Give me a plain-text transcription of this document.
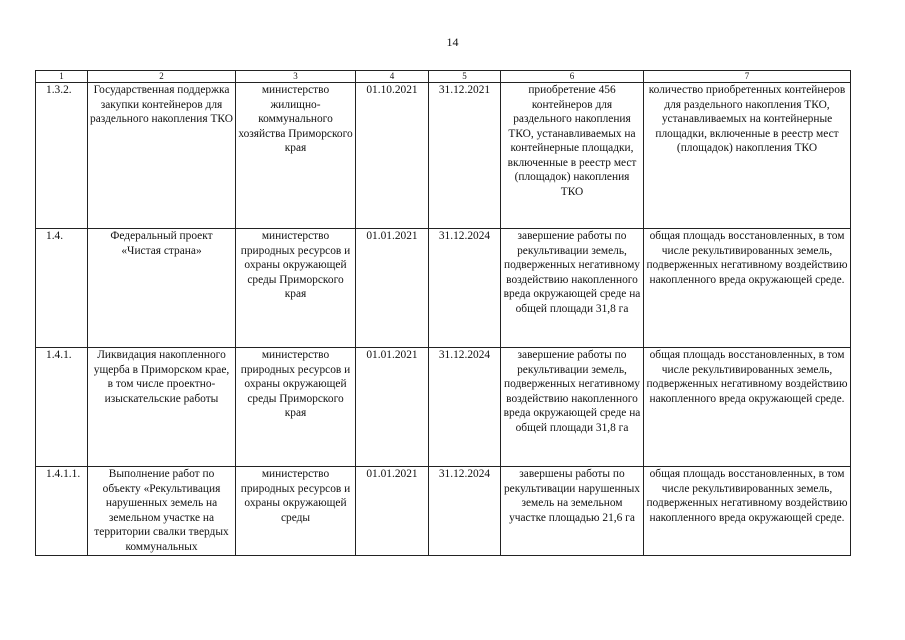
14
1	2	3	4	5	6	7
1.3.2.	Государственная поддержка закупки контейнеров для раздельного накопления ТКО	министерство жилищно-коммунального хозяйства Приморского края	01.10.2021	31.12.2021	приобретение 456 контейнеров для раздельного накопления ТКО, устанавливаемых на контейнерные площадки, включенные в реестр мест (площадок) накопления ТКО	количество приобретенных контейнеров для раздельного накопления ТКО, устанавливаемых на контейнерные площадки, включенные в реестр мест (площадок) накопления ТКО
1.4.	Федеральный проект «Чистая страна»	министерство природных ресурсов и охраны окружающей среды Приморского края	01.01.2021	31.12.2024	завершение работы по рекультивации земель, подверженных негативному воздействию накопленного вреда окружающей среде на общей площади 31,8 га	общая площадь восстановленных, в том числе рекультивированных земель, подверженных негативному воздействию накопленного вреда окружающей среде.
1.4.1.	Ликвидация накопленного ущерба в Приморском крае, в том числе проектно-изыскательские работы	министерство природных ресурсов и охраны окружающей среды Приморского края	01.01.2021	31.12.2024	завершение работы по рекультивации земель, подверженных негативному воздействию накопленного вреда окружающей среде на общей площади 31,8 га	общая площадь восстановленных, в том числе рекультивированных земель, подверженных негативному воздействию накопленного вреда окружающей среде.
1.4.1.1.	Выполнение работ по объекту «Рекультивация нарушенных земель на земельном участке на территории свалки твердых коммунальных	министерство природных ресурсов и охраны окружающей среды	01.01.2021	31.12.2024	завершены работы по рекультивации нарушенных земель на земельном участке площадью 21,6 га	общая площадь восстановленных, в том числе рекультивированных земель, подверженных негативному воздействию накопленного вреда окружающей среде.
